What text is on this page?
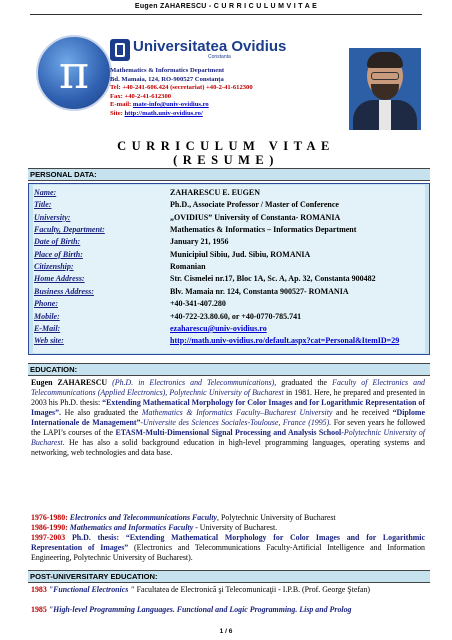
Eugen ZAHARESCU - C U R R I C U L U M V I T A E
π	Universitatea Ovidius
Constanta
Mathematics & Informatics Department
Bd. Mamaia, 124, RO-900527 Constanța
Tel: +40-241-606.424 (secretariat) +40-2-41-612300
Fax: +40-2-41-612300
E-mail: mate-info@univ-ovidius.ro
Site: http://math.univ-ovidius.ro/
CURRICULUM VITAE
(RESUME)
PERSONAL DATA:
Name:	ZAHARESCU E. EUGEN
Title:	Ph.D., Associate Professor / Master of Conference
University:	„OVIDIUS” University of Constanta- ROMANIA
Faculty, Department:	Mathematics & Informatics – Informatics Department
Date of Birth:	January 21, 1956
Place of Birth:	Municipiul Sibiu, Jud. Sibiu, ROMANIA
Citizenship:	Romanian
Home Address:	Str. Cismelei nr.17, Bloc 1A, Sc. A, Ap. 32, Constanta 900482
Business Address:	Blv. Mamaia nr. 124, Constanta 900527- ROMANIA
Phone:	+40-341-407.280
Mobile:	+40-722-23.80.60, or +40-0770-785.741
E-Mail:	ezaharescu@univ-ovidius.ro
Web site:	http://math.univ-ovidius.ro/default.aspx?cat=Personal&ItemID=29
EDUCATION:
Eugen ZAHARESCU (Ph.D. in Electronics and Telecommunications), graduated the Faculty of Electronics and Telecommunications (Applied Electronics), Polytechnic University of Bucharest in 1981. Here, he prepared and presented in 2003 his Ph.D. thesis: “Extending Mathematical Morphology for Color Images and for Logarithmic Representation of Images”. He also graduated the Mathematics & Informatics Faculty–Bucharest University and he received “Diplome Internationale de Management”-Universite des Sciences Sociales-Toulouse, France (1995). For seven years he followed the LAPI’s courses of the ETASM-Multi-Dimensional Signal Processing and Analysis School-Polytechnic University of Bucharest. He has also a solid background education in high-level programming languages, operating systems and networking, web technologies and data base.
1976-1980: Electronics and Telecommunications Faculty, Polytechnic University of Bucharest
1986-1990: Mathematics and Informatics Faculty - University of Bucharest.
1997-2003 Ph.D. thesis: “Extending Mathematical Morphology for Color Images and for Logarithmic Representation of Images” (Electronics and Telecommunications Faculty-Artificial Intelligence and Information Engineering, Polytechnic University of Bucharest).
POST-UNIVERSITARY EDUCATION:
1983 "Functional Electronics " Facultatea de Electronică şi Telecomunicaţii - I.P.B. (Prof. George Ştefan)
1985 "High-level Programming Languages. Functional and Logic Programming. Lisp and Prolog
1 / 6
